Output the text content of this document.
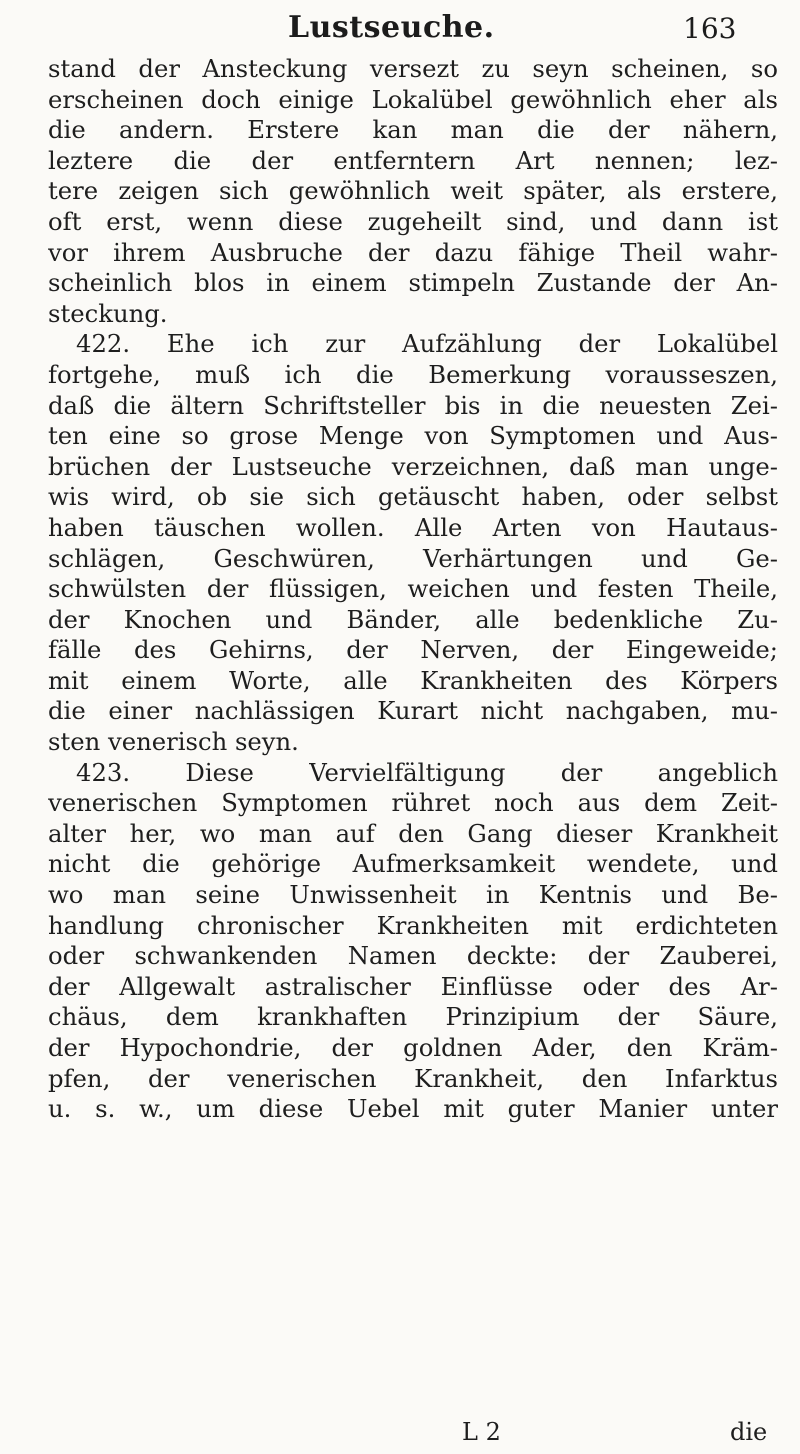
Lustseuche.	163
stand der Ansteckung versezt zu seyn scheinen, so
erscheinen doch einige Lokalübel gewöhnlich eher als
die andern. Erstere kan man die der nähern,
leztere die der entferntern Art nennen; lez-
tere zeigen sich gewöhnlich weit später, als erstere,
oft erst, wenn diese zugeheilt sind, und dann ist
vor ihrem Ausbruche der dazu fähige Theil wahr-
scheinlich blos in einem stimpeln Zustande der An-
steckung.
422. Ehe ich zur Aufzählung der Lokalübel
fortgehe, muß ich die Bemerkung vorausseszen,
daß die ältern Schriftsteller bis in die neuesten Zei-
ten eine so grose Menge von Symptomen und Aus-
brüchen der Lustseuche verzeichnen, daß man unge-
wis wird, ob sie sich getäuscht haben, oder selbst
haben täuschen wollen. Alle Arten von Hautaus-
schlägen, Geschwüren, Verhärtungen und Ge-
schwülsten der flüssigen, weichen und festen Theile,
der Knochen und Bänder, alle bedenkliche Zu-
fälle des Gehirns, der Nerven, der Eingeweide;
mit einem Worte, alle Krankheiten des Körpers
die einer nachlässigen Kurart nicht nachgaben, mu-
sten venerisch seyn.
423. Diese Vervielfältigung der angeblich
venerischen Symptomen rühret noch aus dem Zeit-
alter her, wo man auf den Gang dieser Krankheit
nicht die gehörige Aufmerksamkeit wendete, und
wo man seine Unwissenheit in Kentnis und Be-
handlung chronischer Krankheiten mit erdichteten
oder schwankenden Namen deckte: der Zauberei,
der Allgewalt astralischer Einflüsse oder des Ar-
chäus, dem krankhaften Prinzipium der Säure,
der Hypochondrie, der goldnen Ader, den Kräm-
pfen, der venerischen Krankheit, den Infarktus
u. s. w., um diese Uebel mit guter Manier unter
L 2	die
